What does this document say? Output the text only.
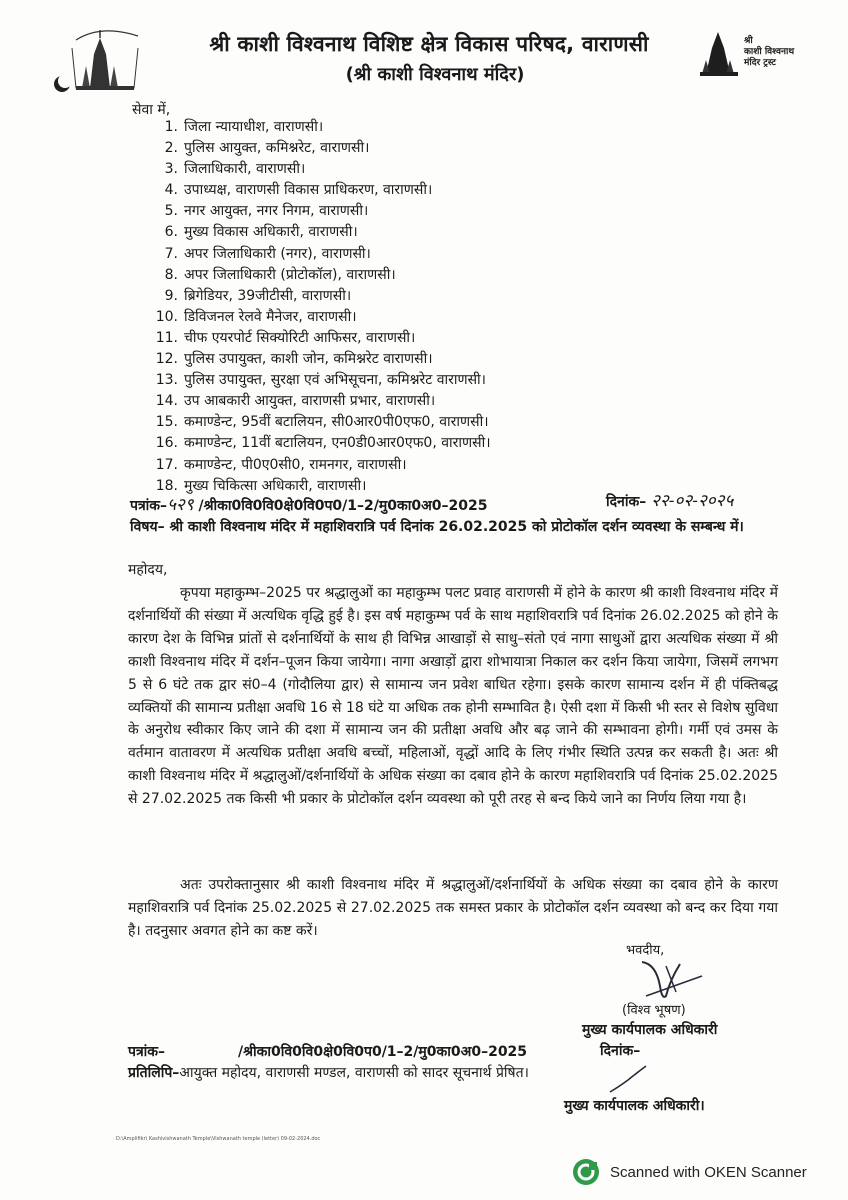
श्री
काशी विश्वनाथ
मंदिर ट्रस्ट
श्री काशी विश्वनाथ विशिष्ट क्षेत्र विकास परिषद, वाराणसी
(श्री काशी विश्वनाथ मंदिर)
सेवा में,
1. जिला न्यायाधीश, वाराणसी।
2. पुलिस आयुक्त, कमिश्नरेट, वाराणसी।
3. जिलाधिकारी, वाराणसी।
4. उपाध्यक्ष, वाराणसी विकास प्राधिकरण, वाराणसी।
5. नगर आयुक्त, नगर निगम, वाराणसी।
6. मुख्य विकास अधिकारी, वाराणसी।
7. अपर जिलाधिकारी (नगर), वाराणसी।
8. अपर जिलाधिकारी (प्रोटोकॉल), वाराणसी।
9. ब्रिगेडियर, 39जीटीसी, वाराणसी।
10. डिविजनल रेलवे मैनेजर, वाराणसी।
11. चीफ एयरपोर्ट सिक्योरिटी आफिसर, वाराणसी।
12. पुलिस उपायुक्त, काशी जोन, कमिश्नरेट वाराणसी।
13. पुलिस उपायुक्त, सुरक्षा एवं अभिसूचना, कमिश्नरेट वाराणसी।
14. उप आबकारी आयुक्त, वाराणसी प्रभार, वाराणसी।
15. कमाण्डेन्ट, 95वीं बटालियन, सी0आर0पी0एफ0, वाराणसी।
16. कमाण्डेन्ट, 11वीं बटालियन, एन0डी0आर0एफ0, वाराणसी।
17. कमाण्डेन्ट, पी0ए0सी0, रामनगर, वाराणसी।
18. मुख्य चिकित्सा अधिकारी, वाराणसी।
पत्रांक–५२९ /श्रीका0वि0वि0क्षे0वि0प0/1–2/मु0का0अ0–2025	दिनांक– २२-०२-२०२५
विषय– श्री काशी विश्वनाथ मंदिर में महाशिवरात्रि पर्व दिनांक 26.02.2025 को प्रोटोकॉल दर्शन व्यवस्था के सम्बन्ध में।
महोदय,

कृपया महाकुम्भ–2025 पर श्रद्धालुओं का महाकुम्भ पलट प्रवाह वाराणसी में होने के कारण श्री काशी विश्वनाथ मंदिर में दर्शनार्थियों की संख्या में अत्यधिक वृद्धि हुई है। इस वर्ष महाकुम्भ पर्व के साथ महाशिवरात्रि पर्व दिनांक 26.02.2025 को होने के कारण देश के विभिन्न प्रांतों से दर्शनार्थियों के साथ ही विभिन्न आखाड़ों से साधु–संतो एवं नागा साधुओं द्वारा अत्यधिक संख्या में श्री काशी विश्वनाथ मंदिर में दर्शन–पूजन किया जायेगा। नागा अखाड़ों द्वारा शोभायात्रा निकाल कर दर्शन किया जायेगा, जिसमें लगभग 5 से 6 घंटे तक द्वार सं0–4 (गोदौलिया द्वार) से सामान्य जन प्रवेश बाधित रहेगा। इसके कारण सामान्य दर्शन में ही पंक्तिबद्ध व्यक्तियों की सामान्य प्रतीक्षा अवधि 16 से 18 घंटे या अधिक तक होनी सम्भावित है। ऐसी दशा में किसी भी स्तर से विशेष सुविधा के अनुरोध स्वीकार किए जाने की दशा में सामान्य जन की प्रतीक्षा अवधि और बढ़ जाने की सम्भावना होगी। गर्मी एवं उमस के वर्तमान वातावरण में अत्यधिक प्रतीक्षा अवधि बच्चों, महिलाओं, वृद्धों आदि के लिए गंभीर स्थिति उत्पन्न कर सकती है। अतः श्री काशी विश्वनाथ मंदिर में श्रद्धालुओं/दर्शनार्थियों के अधिक संख्या का दबाव होने के कारण महाशिवरात्रि पर्व दिनांक 25.02.2025 से 27.02.2025 तक किसी भी प्रकार के प्रोटोकॉल दर्शन व्यवस्था को पूरी तरह से बन्द किये जाने का निर्णय लिया गया है।

अतः उपरोक्तानुसार श्री काशी विश्वनाथ मंदिर में श्रद्धालुओं/दर्शनार्थियों के अधिक संख्या का दबाव होने के कारण महाशिवरात्रि पर्व दिनांक 25.02.2025 से 27.02.2025 तक समस्त प्रकार के प्रोटोकॉल दर्शन व्यवस्था को बन्द कर दिया गया है। तदनुसार अवगत होने का कष्ट करें।

भवदीय,
(विश्व भूषण)
मुख्य कार्यपालक अधिकारी
पत्रांक–	/श्रीका0वि0वि0क्षे0वि0प0/1–2/मु0का0अ0–2025	दिनांक–
प्रतिलिपि–आयुक्त महोदय, वाराणसी मण्डल, वाराणसी को सादर सूचनार्थ प्रेषित।
मुख्य कार्यपालक अधिकारी।
D:\Amplifikr\ Kashivishwanath Temple\Vishwanath temple (letter) 09-02-2024.doc
Scanned with OKEN Scanner
